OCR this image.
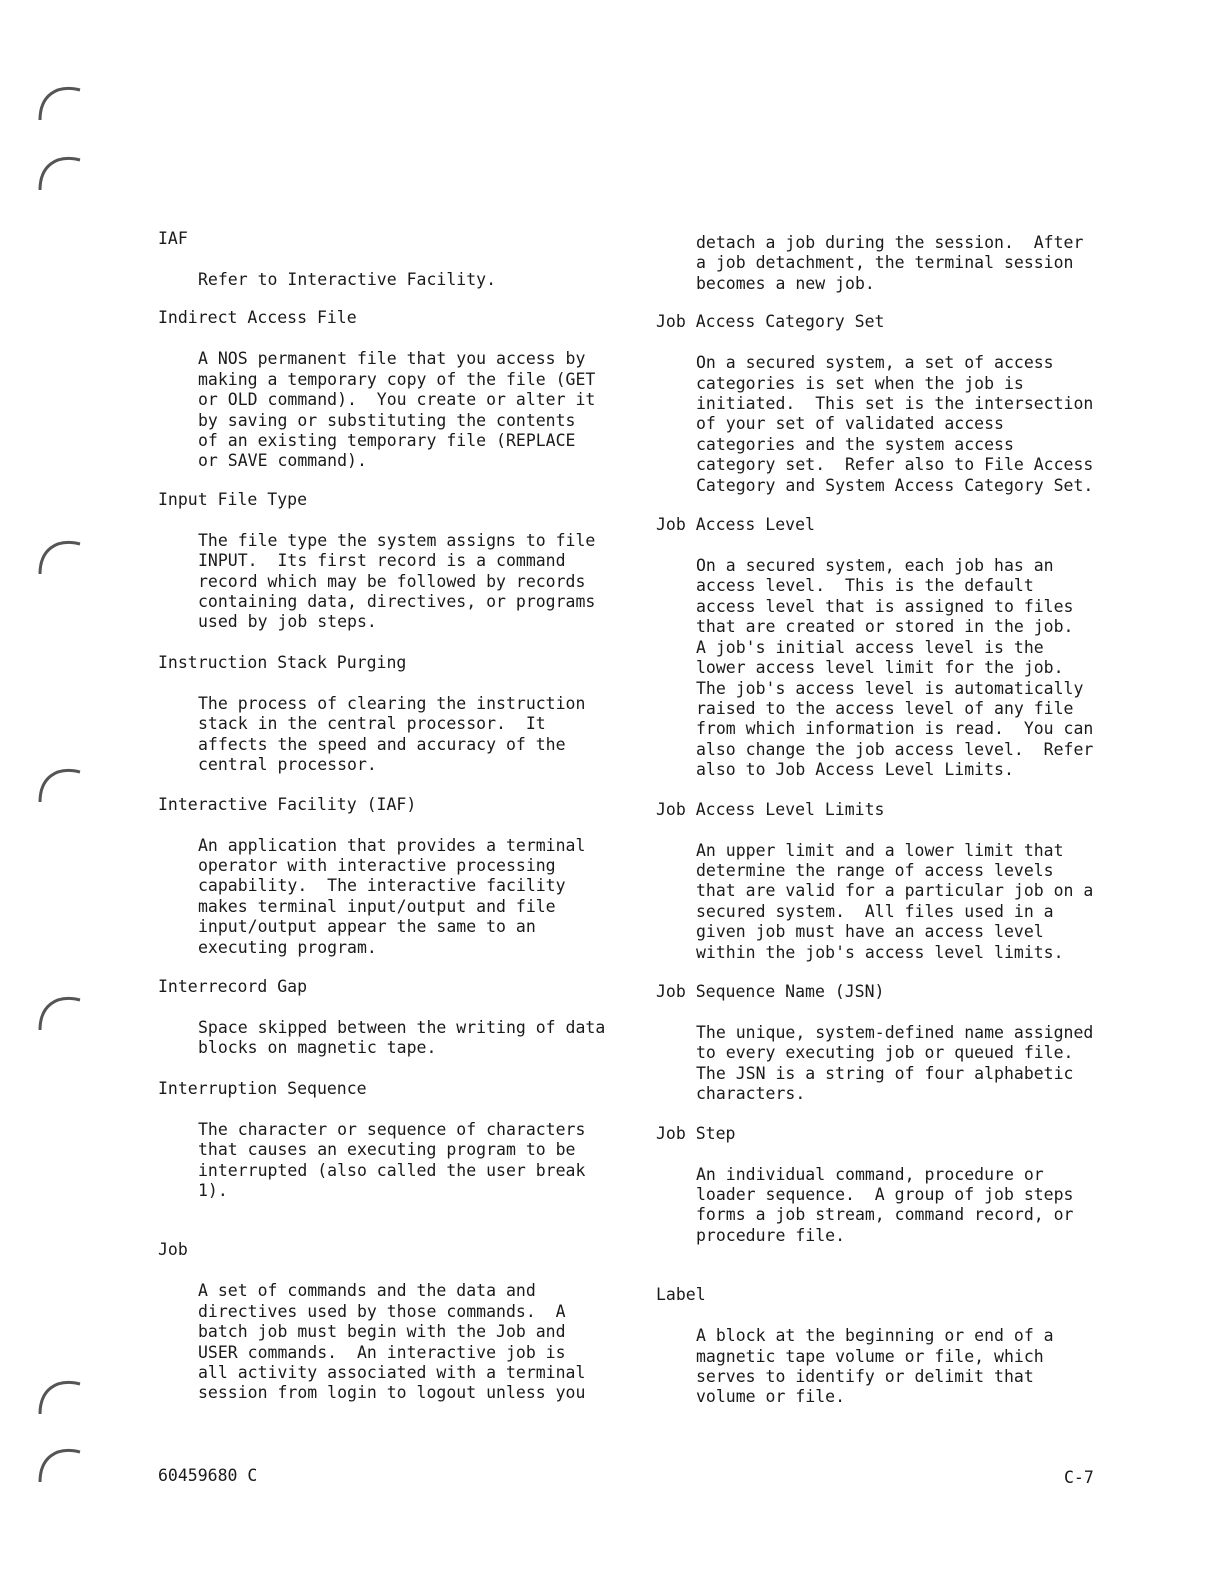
IAF
Refer to Interactive Facility.
Indirect Access File
A NOS permanent file that you access by
making a temporary copy of the file (GET
or OLD command).  You create or alter it
by saving or substituting the contents
of an existing temporary file (REPLACE
or SAVE command).
Input File Type
The file type the system assigns to file
INPUT.  Its first record is a command
record which may be followed by records
containing data, directives, or programs
used by job steps.
Instruction Stack Purging
The process of clearing the instruction
stack in the central processor.  It
affects the speed and accuracy of the
central processor.
Interactive Facility (IAF)
An application that provides a terminal
operator with interactive processing
capability.  The interactive facility
makes terminal input/output and file
input/output appear the same to an
executing program.
Interrecord Gap
Space skipped between the writing of data
blocks on magnetic tape.
Interruption Sequence
The character or sequence of characters
that causes an executing program to be
interrupted (also called the user break
1).
Job
A set of commands and the data and
directives used by those commands.  A
batch job must begin with the Job and
USER commands.  An interactive job is
all activity associated with a terminal
session from login to logout unless you
detach a job during the session.  After
a job detachment, the terminal session
becomes a new job.
Job Access Category Set
On a secured system, a set of access
categories is set when the job is
initiated.  This set is the intersection
of your set of validated access
categories and the system access
category set.  Refer also to File Access
Category and System Access Category Set.
Job Access Level
On a secured system, each job has an
access level.  This is the default
access level that is assigned to files
that are created or stored in the job.
A job's initial access level is the
lower access level limit for the job.
The job's access level is automatically
raised to the access level of any file
from which information is read.  You can
also change the job access level.  Refer
also to Job Access Level Limits.
Job Access Level Limits
An upper limit and a lower limit that
determine the range of access levels
that are valid for a particular job on a
secured system.  All files used in a
given job must have an access level
within the job's access level limits.
Job Sequence Name (JSN)
The unique, system-defined name assigned
to every executing job or queued file.
The JSN is a string of four alphabetic
characters.
Job Step
An individual command, procedure or
loader sequence.  A group of job steps
forms a job stream, command record, or
procedure file.
Label
A block at the beginning or end of a
magnetic tape volume or file, which
serves to identify or delimit that
volume or file.
60459680 C	C-7
